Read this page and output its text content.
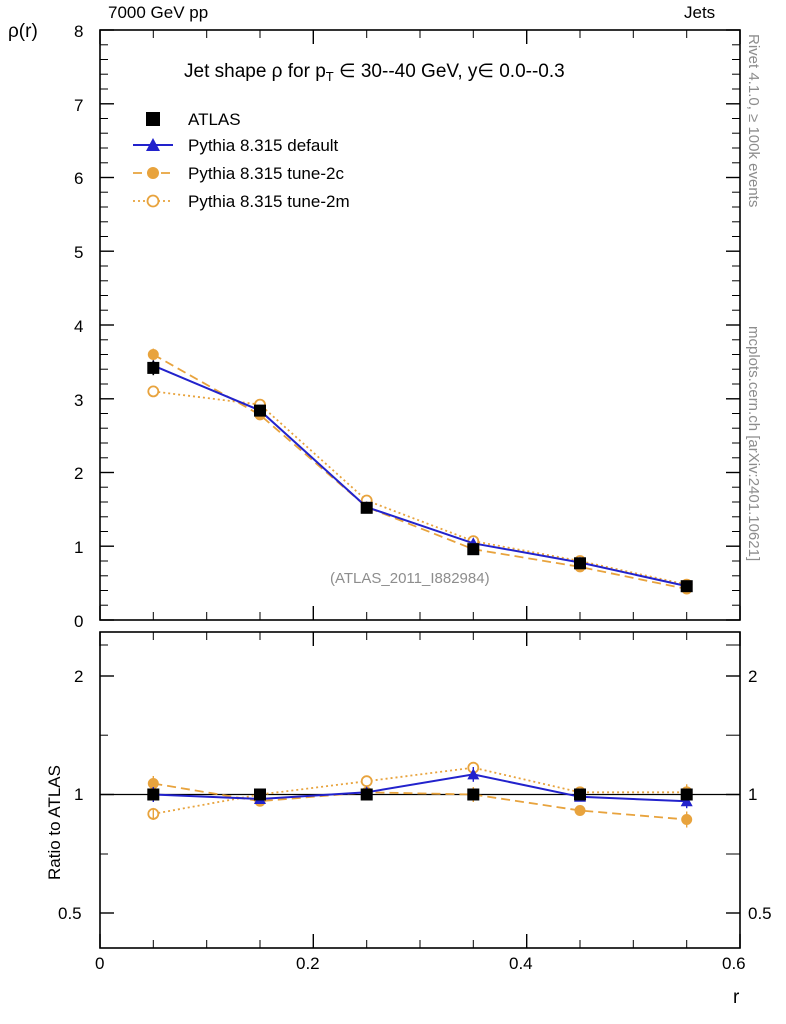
7000 GeV pp	Jets
Rivet 4.1.0, ≥ 100k events
mcplots.cern.ch [arXiv:2401.10621]
ρ(r) 8
7
6
5
4
3
2
1
0
Jet shape ρ for $p_T$ ∈ 30--40 GeV, y∈ 0.0--0.3
ATLAS
Pythia 8.315 default
Pythia 8.315 tune-2c
Pythia 8.315 tune-2m
(ATLAS_2011_I882984)
Ratio to ATLAS
2
1
0.5
2
1
0.5
0	0.2	0.4	0.6
r
